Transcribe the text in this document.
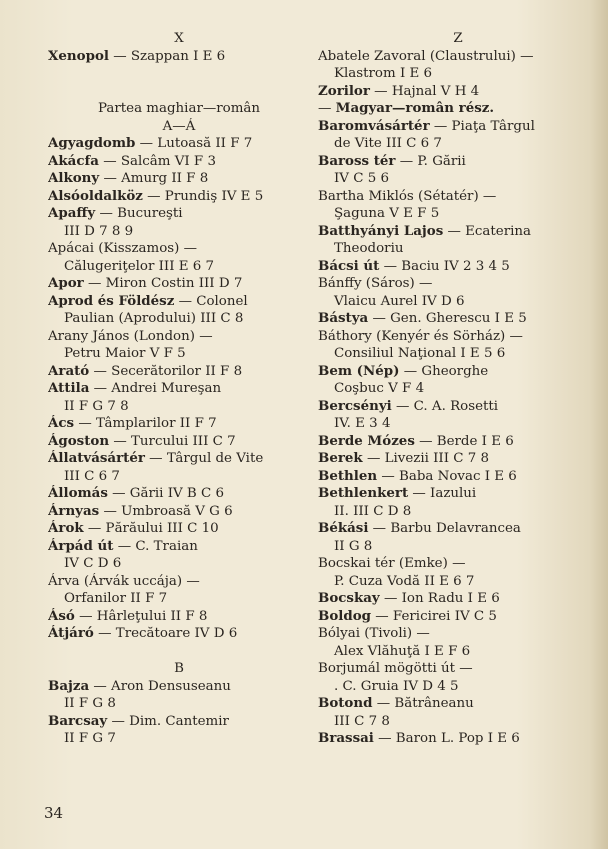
X
Xenopol — Szappan I E 6
Partea maghiar—român
A—Á
Agyagdomb — Lutoasă II F 7
Akácfa — Salcâm VI F 3
Alkony — Amurg II F 8
Alsóoldalköz — Prundiş IV E 5
Apaffy — Bucureşti
III D 7 8 9
Apácai (Kisszamos) —
Călugeriţelor III E 6 7
Apor — Miron Costin III D 7
Aprod és Földész — Colonel
Paulian (Aprodului) III C 8
Arany János (London) —
Petru Maior V F 5
Arató — Secerătorilor II F 8
Attila — Andrei Mureşan
II F G 7 8
Ács — Tâmplarilor II F 7
Ágoston — Turcului III C 7
Állatvásártér — Târgul de Vite
III C 6 7
Állomás — Gării IV B C 6
Árnyas — Umbroasă V G 6
Árok — Părăului III C 10
Árpád út — C. Traian
IV C D 6
Árva (Árvák uccája) —
Orfanilor II F 7
Ásó — Hârleţului II F 8
Átjáró — Trecătoare IV D 6
B
Bajza — Aron Densuseanu
II F G 8
Barcsay — Dim. Cantemir
II F G 7
Z
Abatele Zavoral (Claustrului) —
Klastrom I E 6
Zorilor — Hajnal V H 4
— Magyar—român rész.
Baromvásártér — Piaţa Târgul
de Vite III C 6 7
Baross tér — P. Gării
IV C 5 6
Bartha Miklós (Sétatér) —
Şaguna V E F 5
Batthyányi Lajos — Ecaterina
Theodoriu
Bácsi út — Baciu IV 2 3 4 5
Bánffy (Sáros) —
Vlaicu Aurel IV D 6
Bástya — Gen. Gherescu I E 5
Báthory (Kenyér és Sörház) —
Consiliul Naţional I E 5 6
Bem (Nép) — Gheorghe
Coşbuc V F 4
Bercsényi — C. A. Rosetti
IV. E 3 4
Berde Mózes — Berde I E 6
Berek — Livezii III C 7 8
Bethlen — Baba Novac I E 6
Bethlenkert — Iazului
II. III C D 8
Békási — Barbu Delavrancea
II G 8
Bocskai tér (Emke) —
P. Cuza Vodă II E 6 7
Bocskay — Ion Radu I E 6
Boldog — Fericirei IV C 5
Bólyai (Tivoli) —
Alex Vlăhuţă I E F 6
Borjumál mögötti út —
. C. Gruia IV D 4 5
Botond — Bătrâneanu
III C 7 8
Brassai — Baron L. Pop I E 6
34
